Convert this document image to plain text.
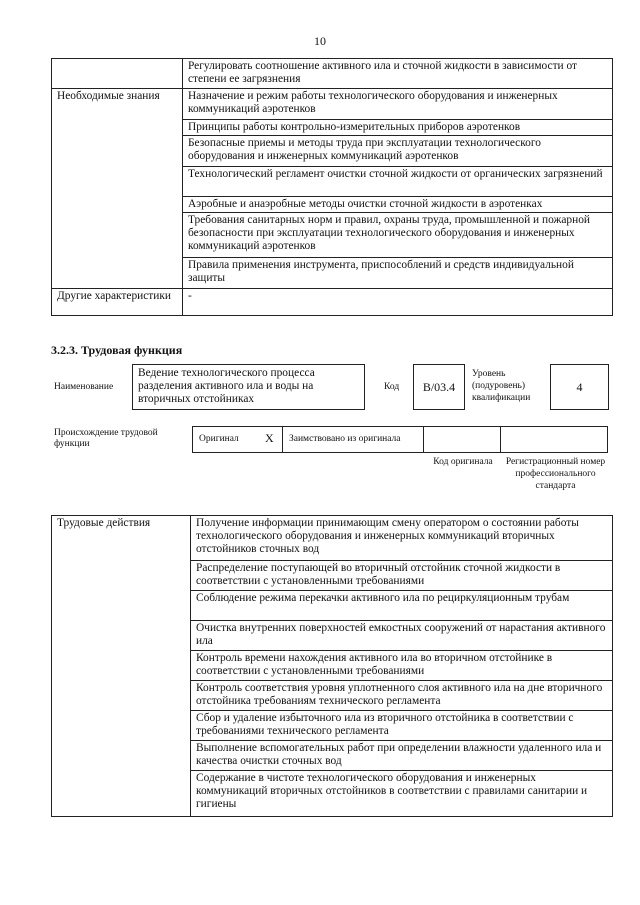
10
	Регулировать соотношение активного ила и сточной жидкости в зависимости от степени ее загрязнения
Необходимые знания	Назначение и режим работы технологического оборудования и инженерных коммуникаций аэротенков
	Принципы работы контрольно-измерительных приборов аэротенков
	Безопасные приемы и методы труда при эксплуатации технологического оборудования и инженерных коммуникаций аэротенков
	Технологический регламент очистки сточной жидкости от органических загрязнений
	Аэробные и анаэробные методы очистки сточной жидкости в аэротенках
	Требования санитарных норм и правил, охраны труда, промышленной и пожарной безопасности при эксплуатации технологического оборудования и инженерных коммуникаций аэротенков
	Правила применения инструмента, приспособлений и средств индивидуальной защиты
Другие характеристики	-
3.2.3. Трудовая функция
Наименование
Ведение технологического процесса разделения активного ила и воды на вторичных отстойниках
Код B/03.4
Уровень (подуровень) квалификации
4
Происхождение трудовой функции	Оригинал X Заимствовано из оригинала
Код оригинала	Регистрационный номер профессионального стандарта
Трудовые действия	Получение информации принимающим смену оператором о состоянии работы технологического оборудования и инженерных коммуникаций вторичных отстойников сточных вод
Распределение поступающей во вторичный отстойник сточной жидкости в соответствии с установленными требованиями
Соблюдение режима перекачки активного ила по рециркуляционным трубам
Очистка внутренних поверхностей емкостных сооружений от нарастания активного ила
Контроль времени нахождения активного ила во вторичном отстойнике в соответствии с установленными требованиями
Контроль соответствия уровня уплотненного слоя активного ила на дне вторичного отстойника требованиям технического регламента
Сбор и удаление избыточного ила из вторичного отстойника в соответствии с требованиями технического регламента
Выполнение вспомогательных работ при определении влажности удаленного ила и качества очистки сточных вод
Содержание в чистоте технологического оборудования и инженерных коммуникаций вторичных отстойников в соответствии с правилами санитарии и гигиены
